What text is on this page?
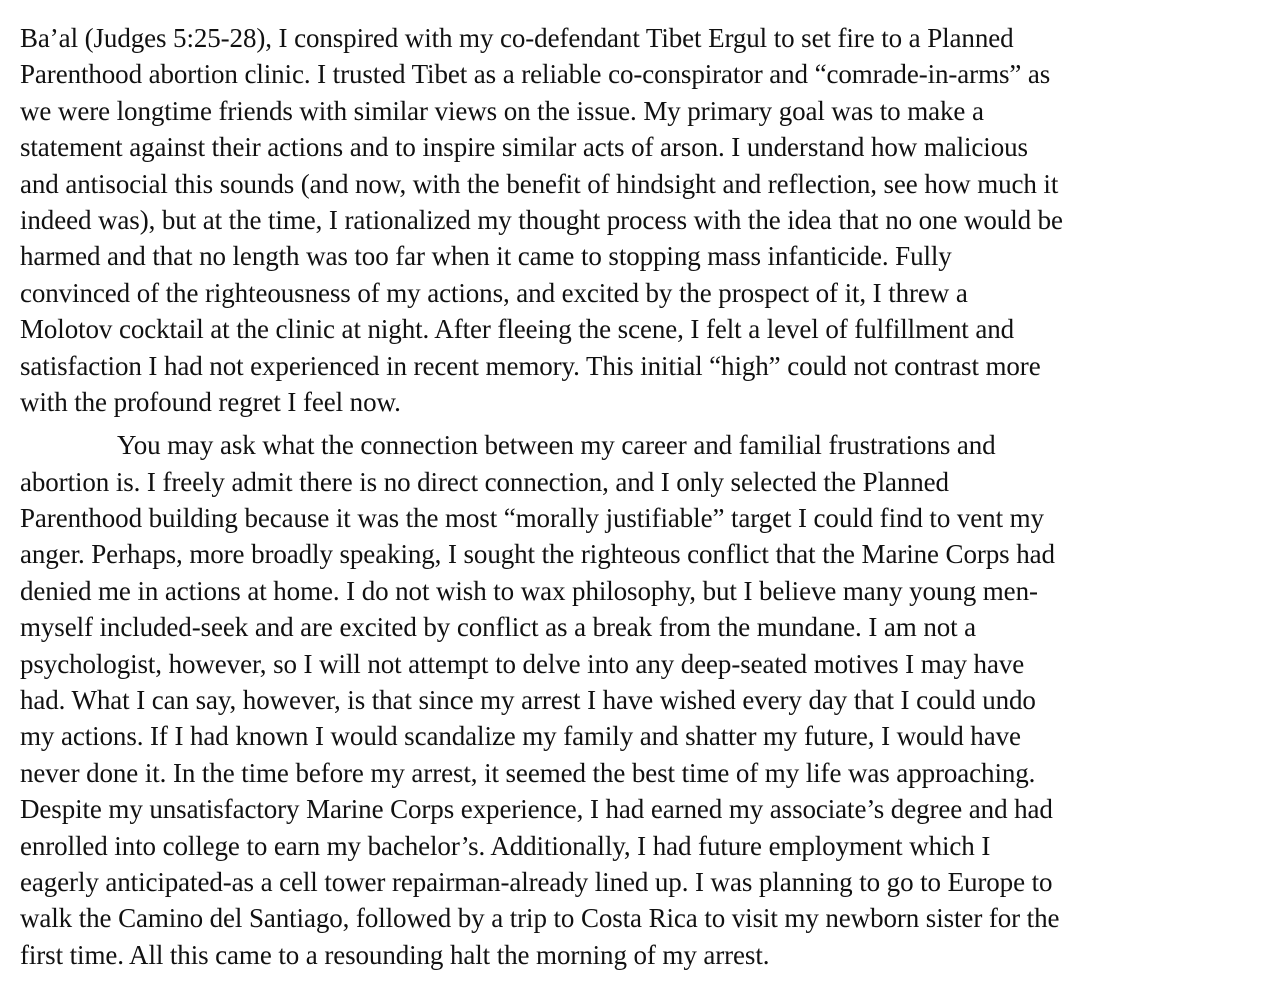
Ba’al (Judges 5:25-28), I conspired with my co-defendant Tibet Ergul to set fire to a Planned
Parenthood abortion clinic. I trusted Tibet as a reliable co-conspirator and “comrade-in-arms” as
we were longtime friends with similar views on the issue. My primary goal was to make a
statement against their actions and to inspire similar acts of arson. I understand how malicious
and antisocial this sounds (and now, with the benefit of hindsight and reflection, see how much it
indeed was), but at the time, I rationalized my thought process with the idea that no one would be
harmed and that no length was too far when it came to stopping mass infanticide. Fully
convinced of the righteousness of my actions, and excited by the prospect of it, I threw a
Molotov cocktail at the clinic at night. After fleeing the scene, I felt a level of fulfillment and
satisfaction I had not experienced in recent memory. This initial “high” could not contrast more
with the profound regret I feel now.
You may ask what the connection between my career and familial frustrations and
abortion is. I freely admit there is no direct connection, and I only selected the Planned
Parenthood building because it was the most “morally justifiable” target I could find to vent my
anger. Perhaps, more broadly speaking, I sought the righteous conflict that the Marine Corps had
denied me in actions at home. I do not wish to wax philosophy, but I believe many young men-
myself included-seek and are excited by conflict as a break from the mundane. I am not a
psychologist, however, so I will not attempt to delve into any deep-seated motives I may have
had. What I can say, however, is that since my arrest I have wished every day that I could undo
my actions. If I had known I would scandalize my family and shatter my future, I would have
never done it. In the time before my arrest, it seemed the best time of my life was approaching.
Despite my unsatisfactory Marine Corps experience, I had earned my associate’s degree and had
enrolled into college to earn my bachelor’s. Additionally, I had future employment which I
eagerly anticipated-as a cell tower repairman-already lined up. I was planning to go to Europe to
walk the Camino del Santiago, followed by a trip to Costa Rica to visit my newborn sister for the
first time. All this came to a resounding halt the morning of my arrest.
